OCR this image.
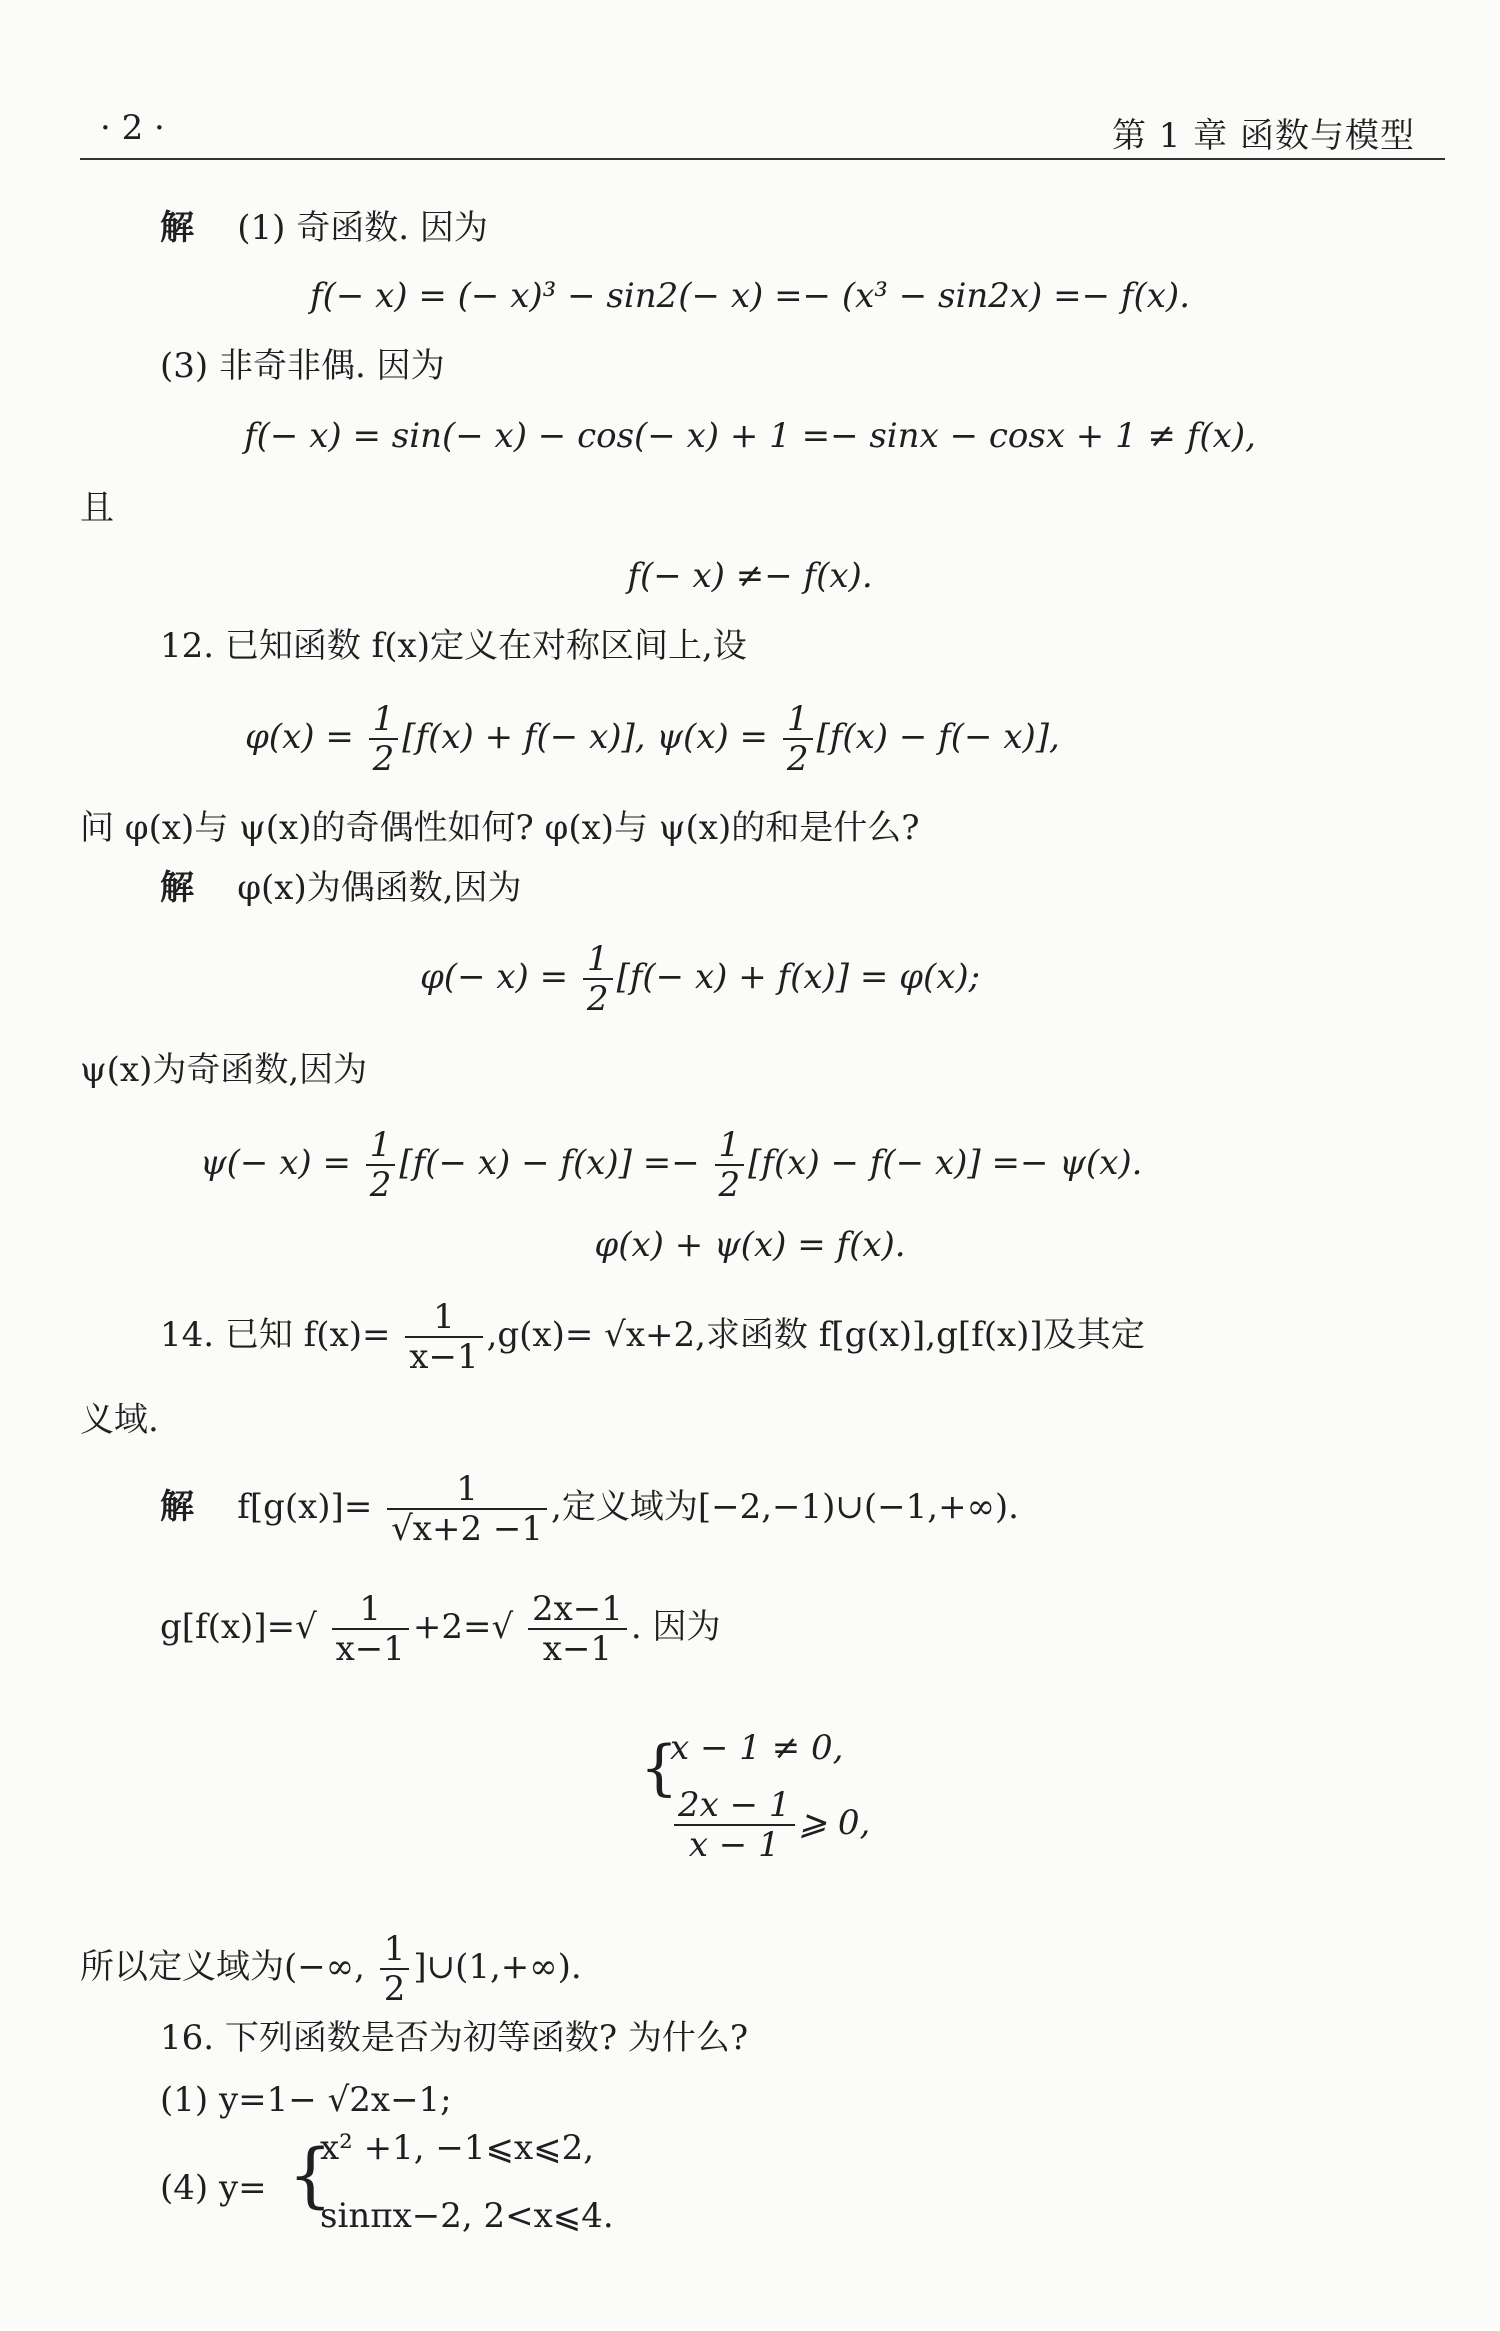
· 2 ·	第 1 章 函数与模型
解 (1) 奇函数. 因为
f(− x) = (− x)³ − sin2(− x) =− (x³ − sin2x) =− f(x).
(3) 非奇非偶. 因为
f(− x) = sin(− x) − cos(− x) + 1 =− sinx − cosx + 1 ≠ f(x),
且
f(− x) ≠− f(x).
12. 已知函数 f(x)定义在对称区间上,设
$\varphi(x) = \frac{1}{2} [f(x) + f(- x)]$, $\psi(x) = \frac{1}{2} [f(x) - f(- x)]$,
问 φ(x)与 ψ(x)的奇偶性如何? φ(x)与 ψ(x)的和是什么?
解 φ(x)为偶函数,因为
$\varphi(- x) = \frac{1}{2} [f(- x) + f(x)] = \varphi(x)$;
ψ(x)为奇函数,因为
$\psi(- x) = \frac{1}{2} [f(- x) - f(x)] =- \frac{1}{2} [f(x) - f(- x)] =- \psi(x)$.
φ(x) + ψ(x) = f(x).
14. 已知 $f(x)= \frac{1}{x-1} ,g(x)= √x+2$,求函数 f[g(x)],g[f(x)]及其定
义域.
解 $f[g(x)]= \frac{1}{√x+2 -1}$ ,定义域为[−2,−1)∪(−1,+∞).
$g[f(x)]=√ \frac{1}{x-1} +2=√ \frac{2x-1}{x-1}$ . 因为
{
x − 1 ≠ 0,
$\frac{2x - 1}{x - 1}$ ⩾ 0,
所以定义域为(−∞, $\frac{1}{2}$ ]∪(1,+∞).
16. 下列函数是否为初等函数? 为什么?
(1) y=1− √2x−1;
(4) y= {
x² +1, −1⩽x⩽2,
sinπx−2, 2<x⩽4.
